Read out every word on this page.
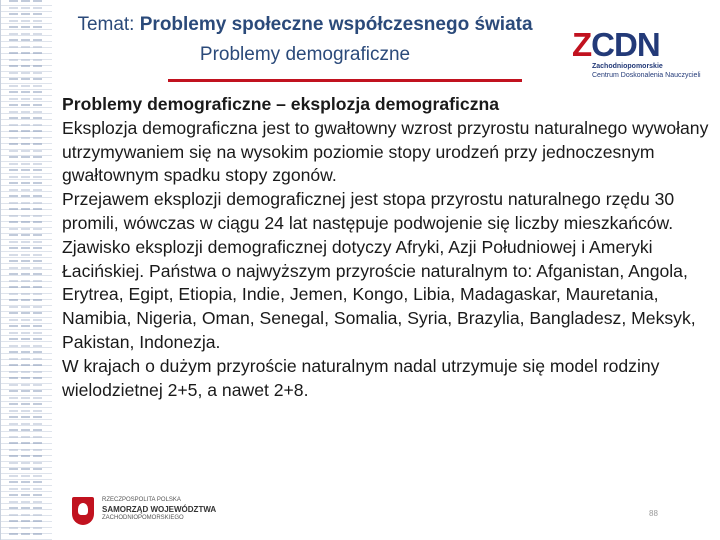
Temat: Problemy społeczne współczesnego świata
Problemy demograficzne	ZCDN
Zachodniopomorskie
Centrum Doskonalenia Nauczycieli

Problemy demograficzne – eksplozja demograficzna

Eksplozja demograficzna jest to gwałtowny wzrost przyrostu naturalnego wywołany utrzymywaniem się na wysokim poziomie stopy urodzeń przy jednoczesnym gwałtownym spadku stopy zgonów.

Przejawem eksplozji demograficznej jest stopa przyrostu naturalnego rzędu 30 promili, wówczas w ciągu 24 lat następuje podwojenie się liczby mieszkańców.

Zjawisko eksplozji demograficznej dotyczy Afryki, Azji Południowej i Ameryki Łacińskiej. Państwa o najwyższym przyroście naturalnym to: Afganistan, Angola, Erytrea, Egipt, Etiopia, Indie, Jemen, Kongo, Libia, Madagaskar, Mauretania, Namibia, Nigeria, Oman, Senegal, Somalia, Syria, Brazylia, Bangladesz, Meksyk, Pakistan, Indonezja.

W krajach o dużym przyroście naturalnym nadal utrzymuje się model rodziny wielodzietnej 2+5, a nawet 2+8.

RZECZPOSPOLITA POLSKA
SAMORZĄD WOJEWÓDZTWA
ZACHODNIOPOMORSKIEGO	88
